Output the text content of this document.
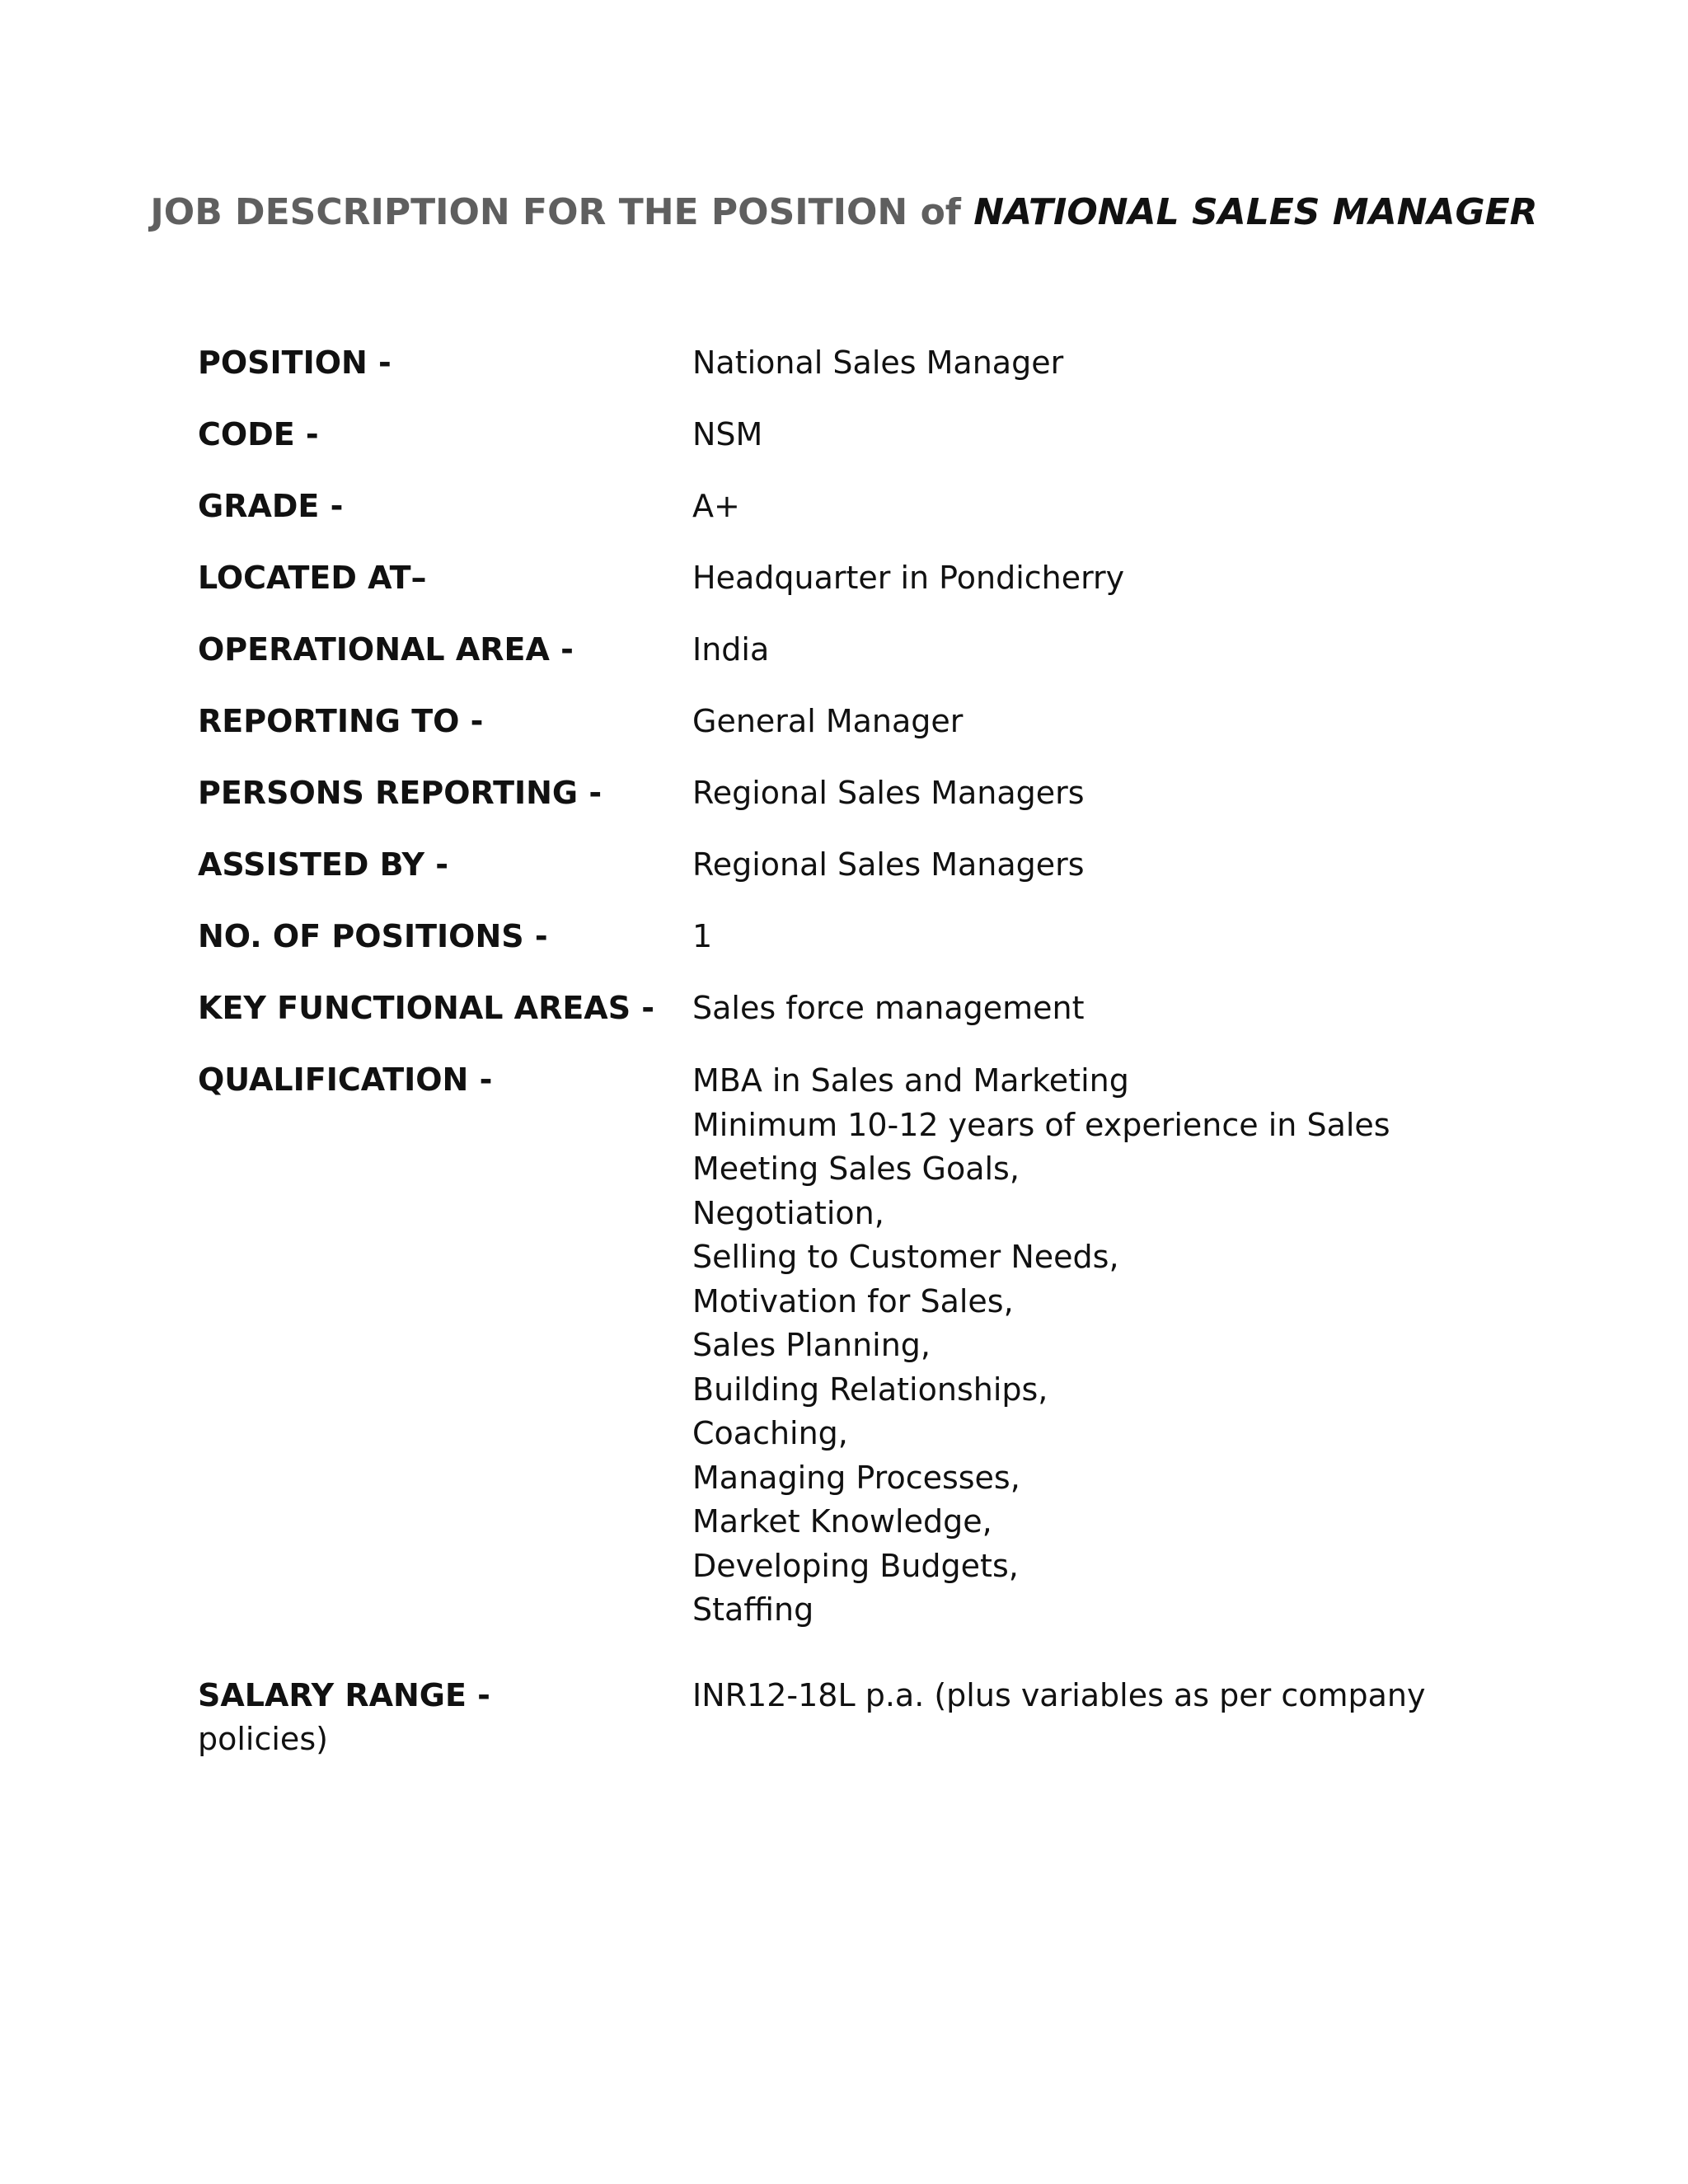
JOB DESCRIPTION FOR THE POSITION of NATIONAL SALES MANAGER
POSITION -	National Sales Manager
CODE -	NSM
GRADE -	A+
LOCATED AT–	Headquarter in Pondicherry
OPERATIONAL AREA -	India
REPORTING TO -	General Manager
PERSONS REPORTING -	Regional Sales Managers
ASSISTED BY -	Regional Sales Managers
NO. OF POSITIONS -	1
KEY FUNCTIONAL AREAS - Sales force management
QUALIFICATION -	MBA in Sales and Marketing
Minimum 10-12 years of experience in Sales
Meeting Sales Goals,
Negotiation,
Selling to Customer Needs,
Motivation for Sales,
Sales Planning,
Building Relationships,
Coaching,
Managing Processes,
Market Knowledge,
Developing Budgets,
Staffing
SALARY RANGE -	INR12-18L p.a. (plus variables as per company
policies)
